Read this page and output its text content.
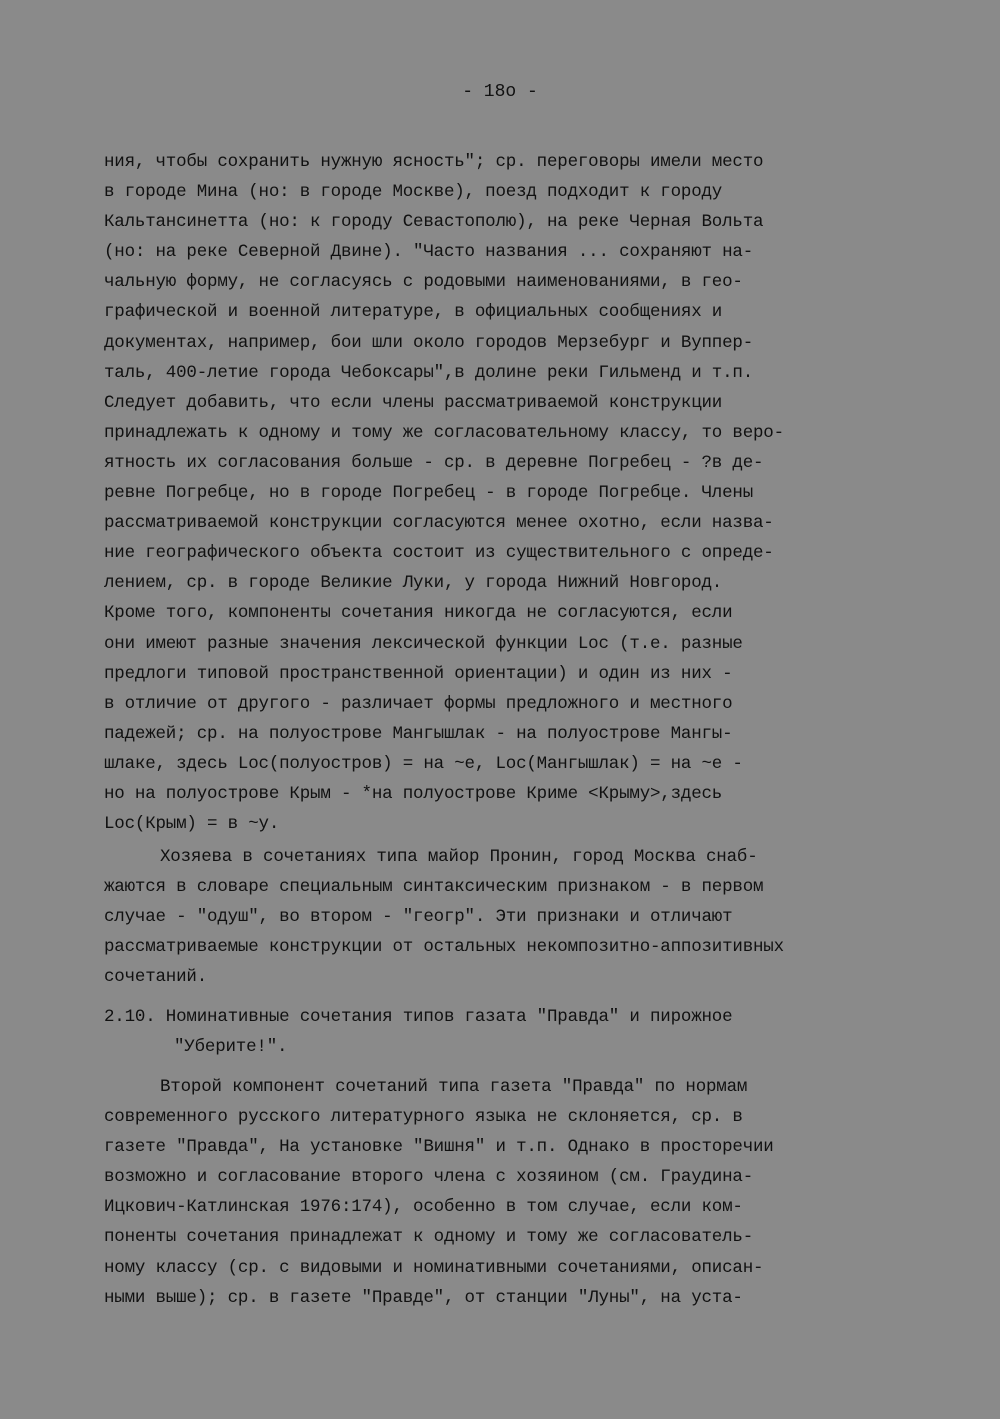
- 18o -
ния, чтобы сохранить нужную ясность"; ср. переговоры имели место
в городе Мина (но: в городе Москве), поезд подходит к городу
Кальтансинетта (но: к городу Севастополю), на реке Черная Вольта
(но: на реке Северной Двине). "Часто названия ... сохраняют на-
чальную форму, не согласуясь с родовыми наименованиями, в гео-
графической и военной литературе, в официальных сообщениях и
документах, например, бои шли около городов Мерзебург и Вуппер-
таль, 400-летие города Чебоксары",в долине реки Гильменд и т.п.
Следует добавить, что если члены рассматриваемой конструкции
принадлежать к одному и тому же согласовательному классу, то веро-
ятность их согласования больше - ср. в деревне Погребец - ?в де-
ревне Погребце, но в городе Погребец - в городе Погребце. Члены
рассматриваемой конструкции согласуются менее охотно, если назва-
ние географического объекта состоит из существительного с опреде-
лением, ср. в городе Великие Луки, у города Нижний Новгород.
Кроме того, компоненты сочетания никогда не согласуются, если
они имеют разные значения лексической функции Loc (т.е. разные
предлоги типовой пространственной ориентации) и один из них -
в отличие от другого - различает формы предложного и местного
падежей; ср. на полуострове Мангышлак - на полуострове Мангы-
шлаке, здесь Loc(полуостров) = на ~е, Loc(Мангышлак) = на ~е -
но на полуострове Крым - *на полуострове Криме <Крыму>,здесь
Loc(Крым) = в ~у.
Хозяева в сочетаниях типа майор Пронин, город Москва снаб-
жаются в словаре специальным синтаксическим признаком - в первом
случае - "одуш", во втором - "геогр". Эти признаки и отличают
рассматриваемые конструкции от остальных некомпозитно-аппозитивных
сочетаний.
2.10. Номинативные сочетания типов газата "Правда" и пирожное
"Уберите!".
Второй компонент сочетаний типа газета "Правда" по нормам
современного русского литературного языка не склоняется, ср. в
газете "Правда", На установке "Вишня" и т.п. Однако в просторечии
возможно и согласование второго члена с хозяином (см. Граудина-
Ицкович-Катлинская 1976:174), особенно в том случае, если ком-
поненты сочетания принадлежат к одному и тому же согласователь-
ному классу (ср. с видовыми и номинативными сочетаниями, описан-
ными выше); ср. в газете "Правде", от станции "Луны", на уста-
